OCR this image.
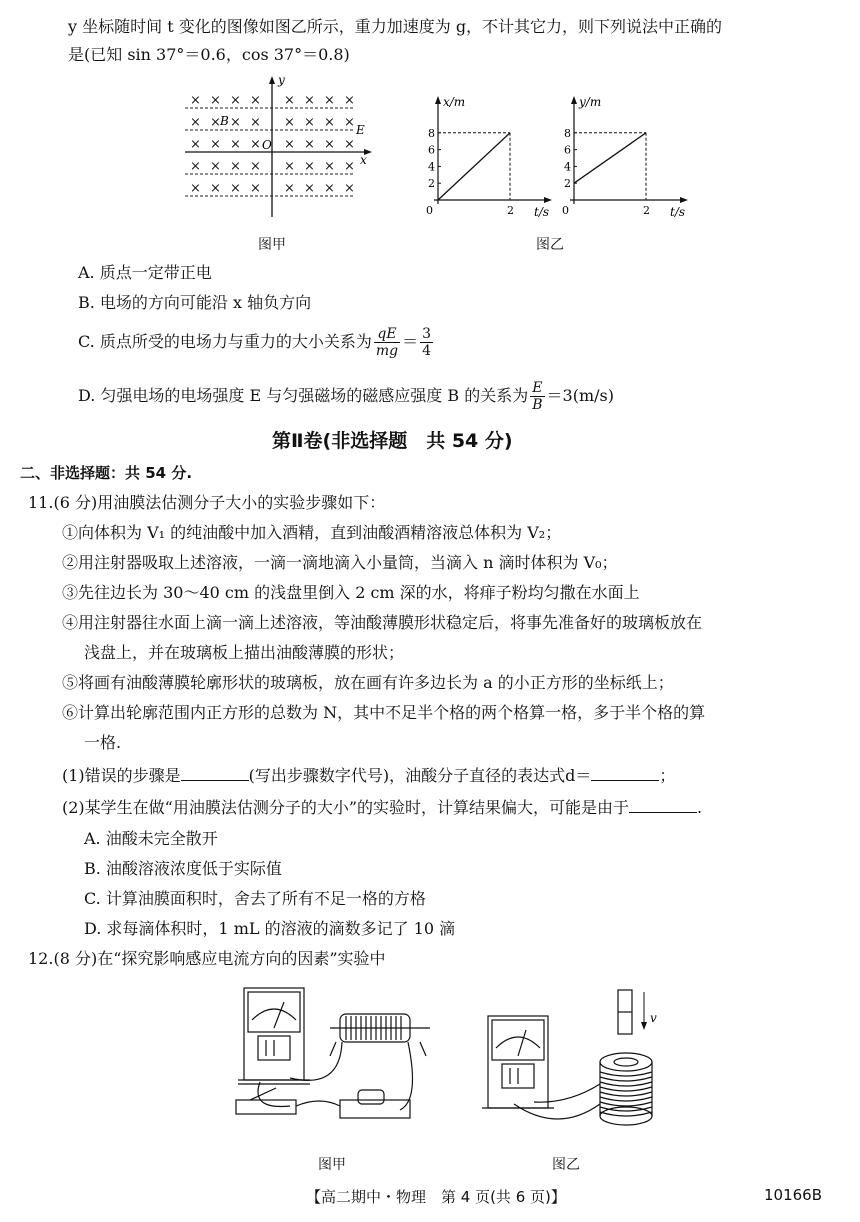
y 坐标随时间 t 变化的图像如图乙所示，重力加速度为 g，不计其它力，则下列说法中正确的
是(已知 sin 37°＝0.6，cos 37°＝0.8)
× × × × × × × ×
× × × × × × × ×
× × × × × × × ×
× × × × × × × ×
× × × × × × × ×
y
x
B
E
O
图甲
x/m
t/s
2
4
6
8
0	2
y/m
t/s
2
4
6
8
0	2
图乙
A. 质点一定带正电
B. 电场的方向可能沿 x 轴负方向
C. 质点所受的电场力与重力的大小关系为 $\frac{qE}{mg} = \frac{3}{4}$
D. 匀强电场的电场强度 E 与匀强磁场的磁感应强度 B 的关系为 $\frac{E}{B} =3(m/s)$
第Ⅱ卷(非选择题　共 54 分)
二、非选择题：共 54 分.
11.(6 分)用油膜法估测分子大小的实验步骤如下：
①向体积为 V₁ 的纯油酸中加入酒精，直到油酸酒精溶液总体积为 V₂；
②用注射器吸取上述溶液，一滴一滴地滴入小量筒，当滴入 n 滴时体积为 V₀；
③先往边长为 30～40 cm 的浅盘里倒入 2 cm 深的水，将痱子粉均匀撒在水面上
④用注射器往水面上滴一滴上述溶液，等油酸薄膜形状稳定后，将事先准备好的玻璃板放在
浅盘上，并在玻璃板上描出油酸薄膜的形状；
⑤将画有油酸薄膜轮廓形状的玻璃板，放在画有许多边长为 a 的小正方形的坐标纸上；
⑥计算出轮廓范围内正方形的总数为 N，其中不足半个格的两个格算一格，多于半个格的算
一格.
(1)错误的步骤是	(写出步骤数字代号)，油酸分子直径的表达式d＝	；
(2)某学生在做“用油膜法估测分子的大小”的实验时，计算结果偏大，可能是由于	.
A. 油酸未完全散开
B. 油酸溶液浓度低于实际值
C. 计算油膜面积时，舍去了所有不足一格的方格
D. 求每滴体积时，1 mL 的溶液的滴数多记了 10 滴
12.(8 分)在“探究影响感应电流方向的因素”实验中
图甲
v
图乙
【高二期中・物理　第 4 页(共 6 页)】	10166B
